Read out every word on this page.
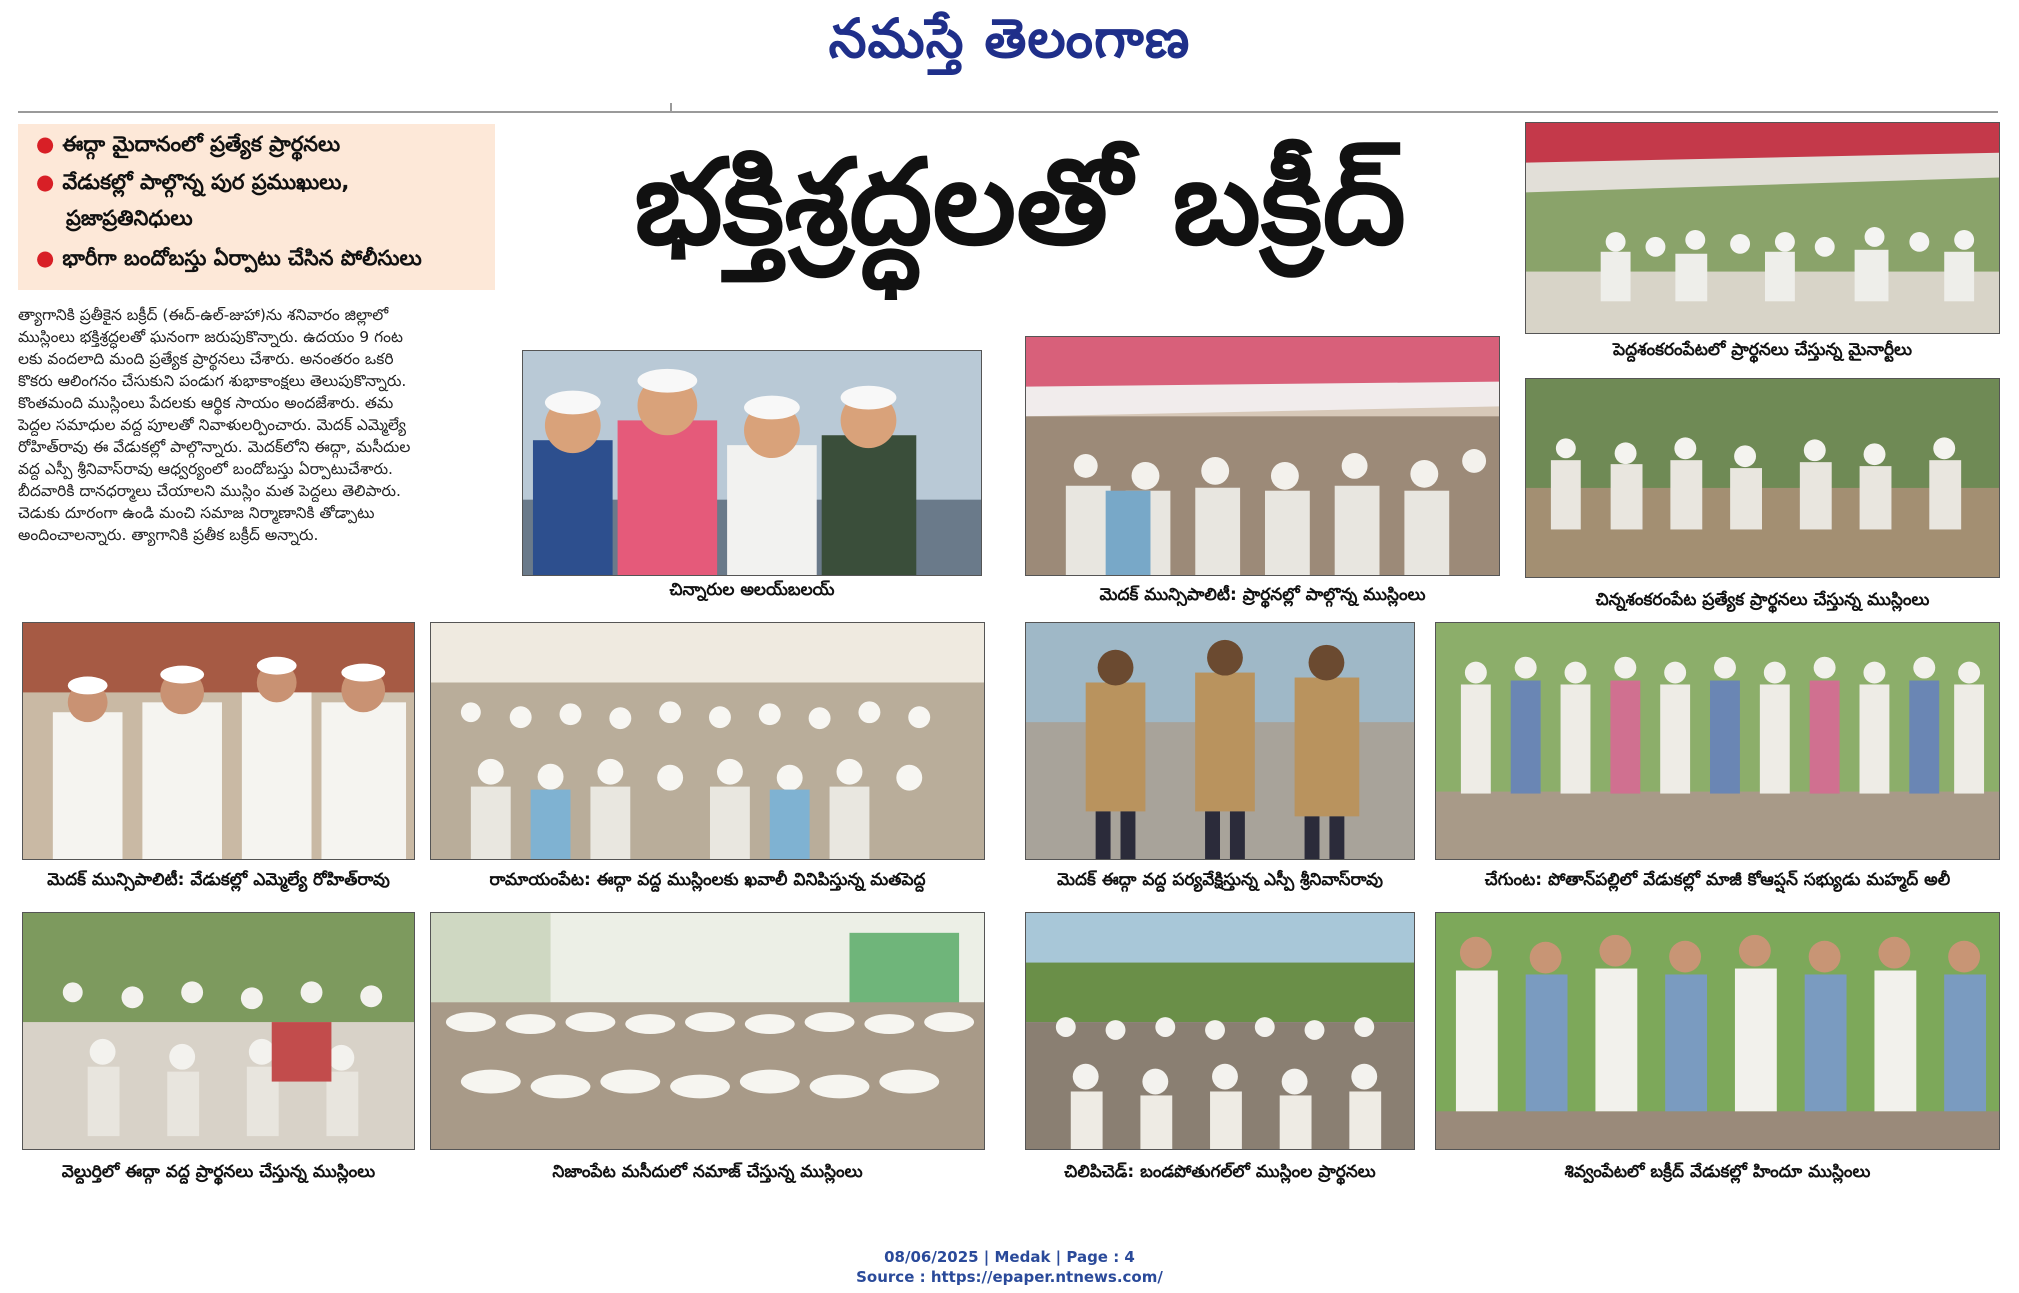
నమస్తే తెలంగాణ
● ఈద్గా మైదానంలో ప్రత్యేక ప్రార్థనలు
● వేడుకల్లో పాల్గొన్న పుర ప్రముఖులు,
ప్రజాప్రతినిధులు
● భారీగా బందోబస్తు ఏర్పాటు చేసిన పోలీసులు	భక్తిశ్రద్ధలతో బక్రీద్
త్యాగానికి ప్రతీకైన బక్రీద్ (ఈద్-ఉల్-జుహా)ను శనివారం జిల్లాలో
ముస్లింలు భక్తిశ్రద్ధలతో ఘనంగా జరుపుకొన్నారు. ఉదయం 9 గంట
లకు వందలాది మంది ప్రత్యేక ప్రార్థనలు చేశారు. అనంతరం ఒకరి
కొకరు ఆలింగనం చేసుకుని పండుగ శుభాకాంక్షలు తెలుపుకొన్నారు.
కొంతమంది ముస్లింలు పేదలకు ఆర్థిక సాయం అందజేశారు. తమ
పెద్దల సమాధుల వద్ద పూలతో నివాళులర్పించారు. మెదక్ ఎమ్మెల్యే
రోహిత్‌రావు ఈ వేడుకల్లో పాల్గొన్నారు. మెదక్‌లోని ఈద్గా, మసీదుల
వద్ద ఎస్పీ శ్రీనివాస్‌రావు ఆధ్వర్యంలో బందోబస్తు ఏర్పాటుచేశారు.
బీదవారికి దానధర్మాలు చేయాలని ముస్లిం మత పెద్దలు తెలిపారు.
చెడుకు దూరంగా ఉండి మంచి సమాజ నిర్మాణానికి తోడ్పాటు
అందించాలన్నారు. త్యాగానికి ప్రతీక బక్రీద్ అన్నారు.
పెద్దశంకరంపేటలో ప్రార్థనలు చేస్తున్న మైనార్టీలు
చిన్నారుల అలయ్‌బలయ్	మెదక్ మున్సిపాలిటీ: ప్రార్థనల్లో పాల్గొన్న ముస్లింలు	చిన్నశంకరంపేట ప్రత్యేక ప్రార్థనలు చేస్తున్న ముస్లింలు
మెదక్ మున్సిపాలిటీ: వేడుకల్లో ఎమ్మెల్యే రోహిత్‌రావు	రామాయంపేట: ఈద్గా వద్ద ముస్లింలకు ఖవాలీ వినిపిస్తున్న మతపెద్ద	మెదక్ ఈద్గా వద్ద పర్యవేక్షిస్తున్న ఎస్పీ శ్రీనివాస్‌రావు	చేగుంట: పోతాన్‌పల్లిలో వేడుకల్లో మాజీ కోఆప్షన్ సభ్యుడు మహ్మద్ అలీ
వెల్దుర్తిలో ఈద్గా వద్ద ప్రార్థనలు చేస్తున్న ముస్లింలు	నిజాంపేట మసీదులో నమాజ్ చేస్తున్న ముస్లింలు	చిలిపిచెడ్: బండపోతుగల్‌లో ముస్లింల ప్రార్థనలు	శివ్వంపేటలో బక్రీద్ వేడుకల్లో హిందూ ముస్లింలు
08/06/2025 | Medak | Page : 4
Source : https://epaper.ntnews.com/
